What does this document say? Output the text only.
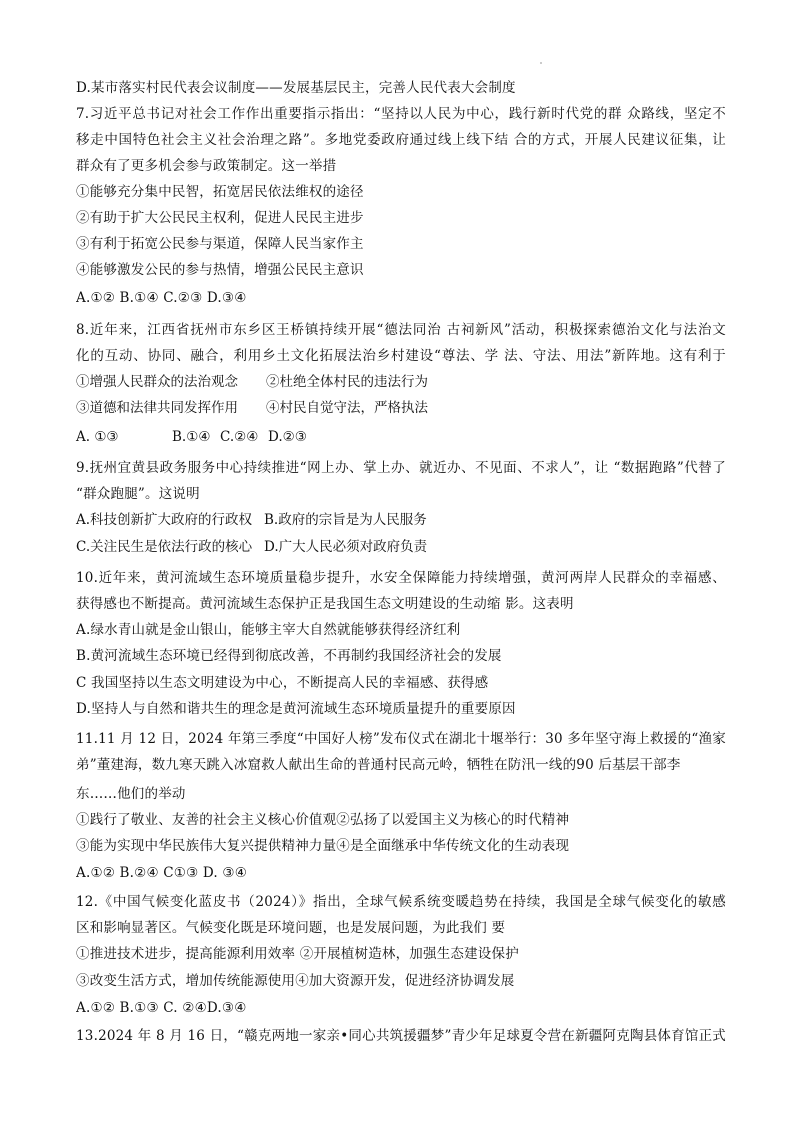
D.某市落实村民代表会议制度——发展基层民主，完善人民代表大会制度
7.习近平总书记对社会工作作出重要指示指出：“坚持以人民为中心，践行新时代党的群 众路线，坚定不
移走中国特色社会主义社会治理之路”。多地党委政府通过线上线下结 合的方式，开展人民建议征集，让
群众有了更多机会参与政策制定。这一举措
①能够充分集中民智，拓宽居民依法维权的途径
②有助于扩大公民民主权利，促进人民民主进步
③有利于拓宽公民参与渠道，保障人民当家作主
④能够激发公民的参与热情，增强公民民主意识
A.①② B.①④ C.②③ D.③④
8.近年来，江西省抚州市东乡区王桥镇持续开展“德法同治 古祠新风”活动，积极探索德治文化与法治文
化的互动、协同、融合，利用乡土文化拓展法治乡村建设“尊法、学 法、守法、用法”新阵地。这有利于
①增强人民群众的法治观念 ②杜绝全体村民的违法行为
③道德和法律共同发挥作用 ④村民自觉守法，严格执法
A. ①③	B.①④ C.②④ D.②③
9.抚州宜黄县政务服务中心持续推进“网上办、掌上办、就近办、不见面、不求人”，让 “数据跑路”代替了
“群众跑腿”。这说明
A.科技创新扩大政府的行政权 B.政府的宗旨是为人民服务
C.关注民生是依法行政的核心 D.广大人民必须对政府负责
10.近年来，黄河流域生态环境质量稳步提升，水安全保障能力持续增强，黄河两岸人民群众的幸福感、
获得感也不断提高。黄河流域生态保护正是我国生态文明建设的生动缩 影。这表明
A.绿水青山就是金山银山，能够主宰大自然就能够获得经济红利
B.黄河流域生态环境已经得到彻底改善，不再制约我国经济社会的发展
C 我国坚持以生态文明建设为中心，不断提高人民的幸福感、获得感
D.坚持人与自然和谐共生的理念是黄河流域生态环境质量提升的重要原因
11.11 月 12 日，2024 年第三季度“中国好人榜”发布仪式在湖北十堰举行：30 多年坚守海上救援的“渔家
弟”董建海，数九寒天跳入冰窟救人献出生命的普通村民高元岭，牺牲在防汛一线的90 后基层干部李
东……他们的举动
①践行了敬业、友善的社会主义核心价值观②弘扬了以爱国主义为核心的时代精神
③能为实现中华民族伟大复兴提供精神力量④是全面继承中华传统文化的生动表现
A.①② B.②④ C①③ D. ③④
12.《中国气候变化蓝皮书（2024）》指出，全球气候系统变暖趋势在持续，我国是全球气候变化的敏感
区和影响显著区。气候变化既是环境问题，也是发展问题，为此我们 要
①推进技术进步，提高能源利用效率 ②开展植树造林，加强生态建设保护
③改变生活方式，增加传统能源使用④加大资源开发，促进经济协调发展
A.①② B.①③ C. ②④D.③④
13.2024 年 8 月 16 日，“赣克两地一家亲•同心共筑援疆梦”青少年足球夏令营在新疆阿克陶县体育馆正式
